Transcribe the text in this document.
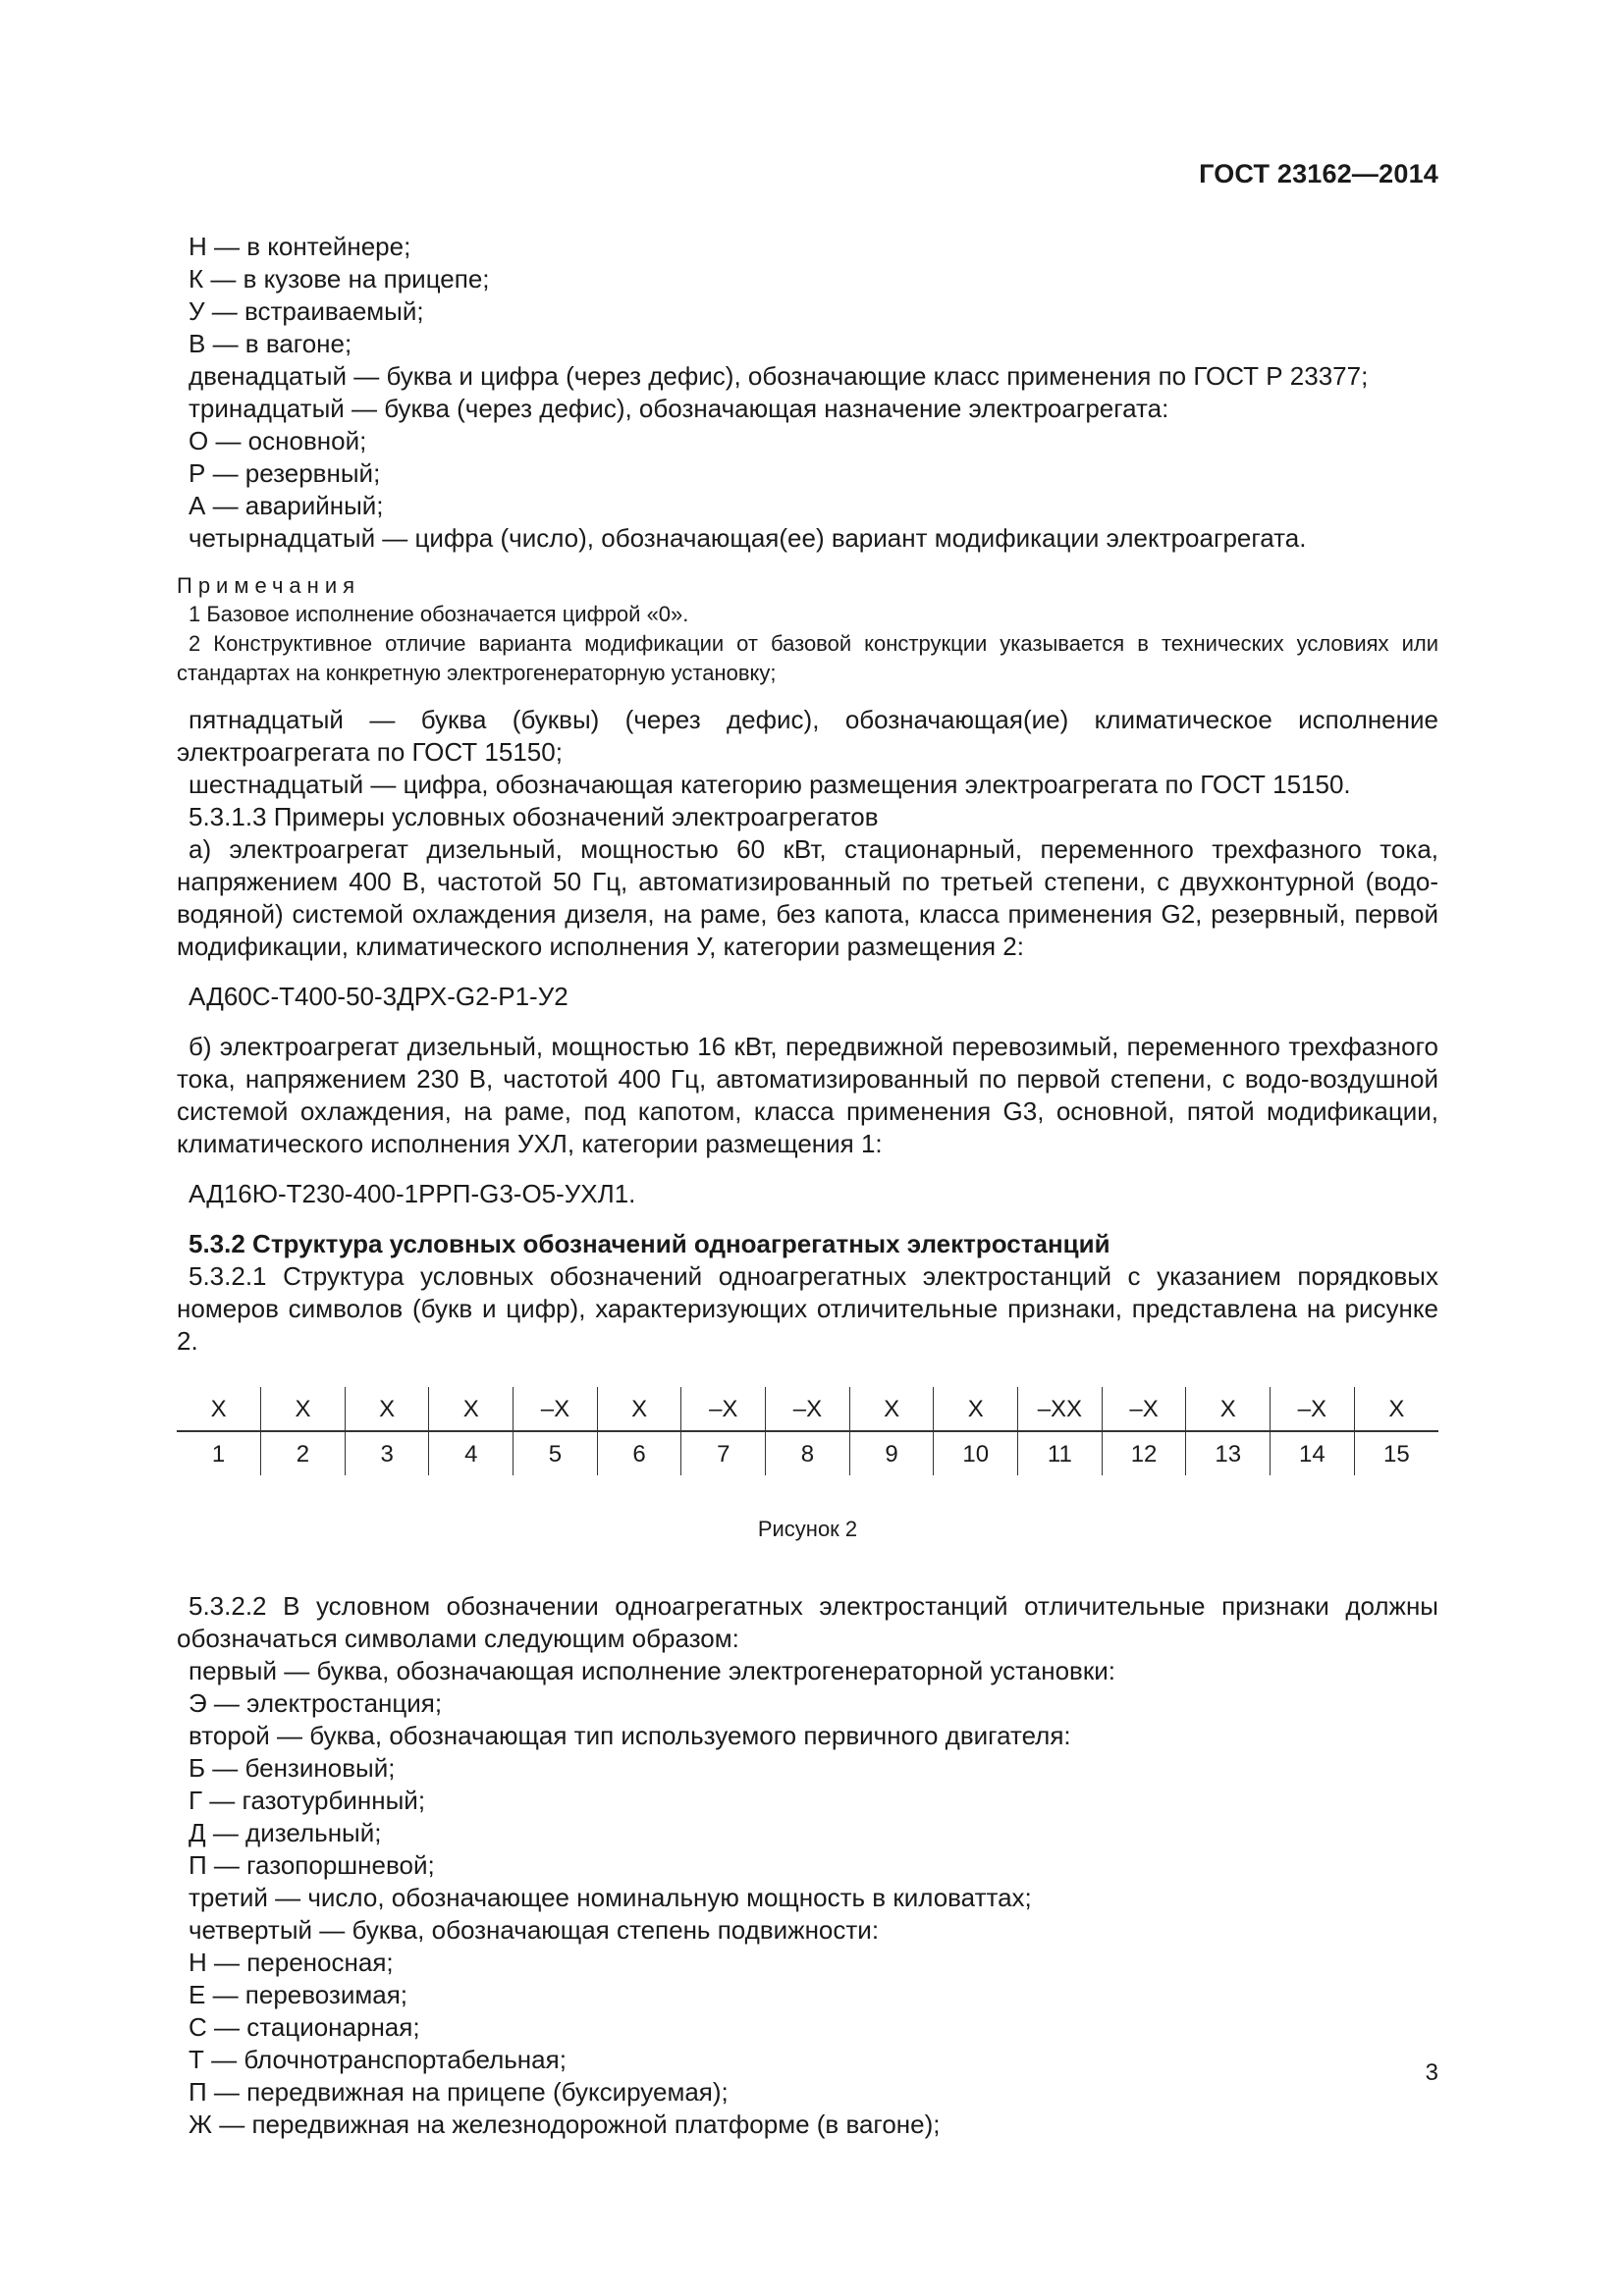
ГОСТ 23162—2014
Н — в контейнере;
К — в кузове на прицепе;
У — встраиваемый;
В — в вагоне;
двенадцатый — буква и цифра (через дефис), обозначающие класс применения по ГОСТ Р 23377;
тринадцатый — буква (через дефис), обозначающая назначение электроагрегата:
О — основной;
Р — резервный;
А — аварийный;
четырнадцатый — цифра (число), обозначающая(ее) вариант модификации электроагрегата.
Примечания
1 Базовое исполнение обозначается цифрой «0».
2 Конструктивное отличие варианта модификации от базовой конструкции указывается в технических условиях или стандартах на конкретную электрогенераторную установку;
пятнадцатый — буква (буквы) (через дефис), обозначающая(ие) климатическое исполнение электроагрегата по ГОСТ 15150;
шестнадцатый — цифра, обозначающая категорию размещения электроагрегата по ГОСТ 15150.
5.3.1.3 Примеры условных обозначений электроагрегатов
а) электроагрегат дизельный, мощностью 60 кВт, стационарный, переменного трехфазного тока, напряжением 400 В, частотой 50 Гц, автоматизированный по третьей степени, с двухконтурной (водо-водяной) системой охлаждения дизеля, на раме, без капота, класса применения G2, резервный, первой модификации, климатического исполнения У, категории размещения 2:
АД60С-Т400-50-3ДРХ-G2-Р1-У2
б) электроагрегат дизельный, мощностью 16 кВт, передвижной перевозимый, переменного трехфазного тока, напряжением 230 В, частотой 400 Гц, автоматизированный по первой степени, с водо-воздушной системой охлаждения, на раме, под капотом, класса применения G3, основной, пятой модификации, климатического исполнения УХЛ, категории размещения 1:
АД16Ю-Т230-400-1РРП-G3-О5-УХЛ1.
5.3.2 Структура условных обозначений одноагрегатных электростанций
5.3.2.1 Структура условных обозначений одноагрегатных электростанций с указанием порядковых номеров символов (букв и цифр), характеризующих отличительные признаки, представлена на рисунке 2.
X	X	X	X	–X	X	–X	–X	X	X	–XX	–X	X	–X	X
1	2	3	4	5	6	7	8	9	10	11	12	13	14	15
Рисунок 2
5.3.2.2 В условном обозначении одноагрегатных электростанций отличительные признаки должны обозначаться символами следующим образом:
первый — буква, обозначающая исполнение электрогенераторной установки:
Э — электростанция;
второй — буква, обозначающая тип используемого первичного двигателя:
Б — бензиновый;
Г — газотурбинный;
Д — дизельный;
П — газопоршневой;
третий — число, обозначающее номинальную мощность в киловаттах;
четвертый — буква, обозначающая степень подвижности:
Н — переносная;
Е — перевозимая;
С — стационарная;
Т — блочнотранспортабельная;
П — передвижная на прицепе (буксируемая);
Ж — передвижная на железнодорожной платформе (в вагоне);
3
